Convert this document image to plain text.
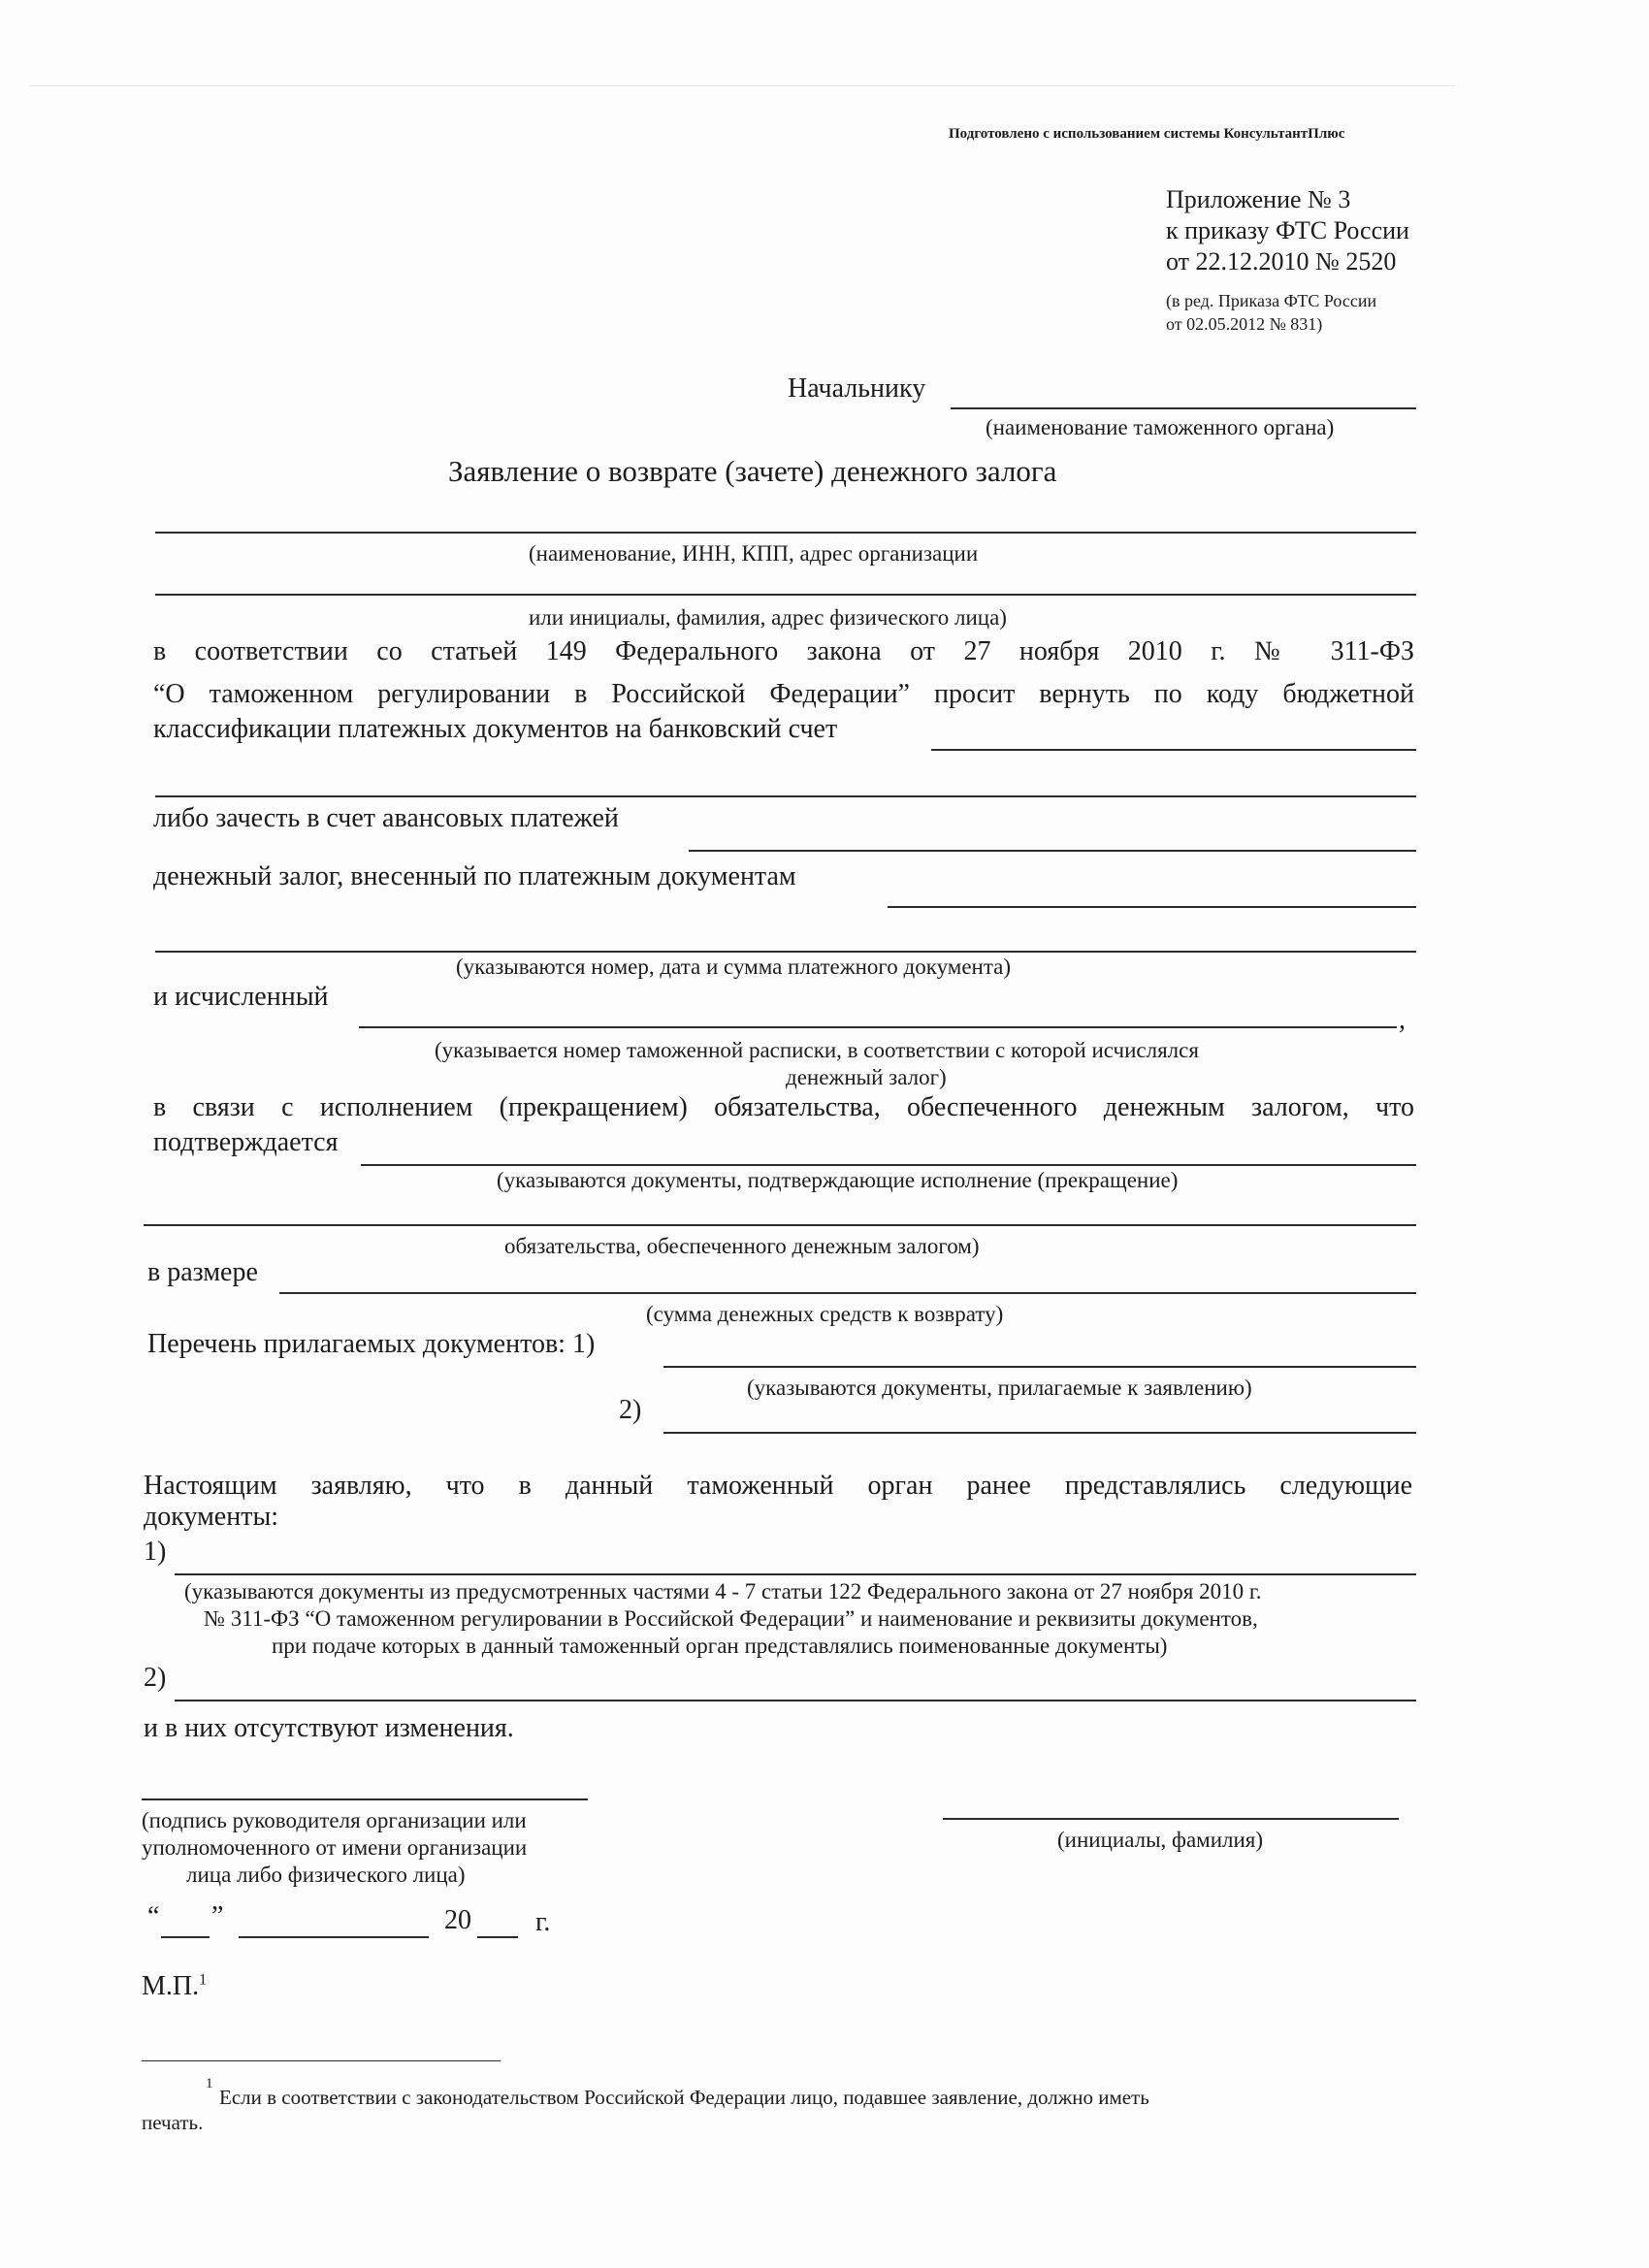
Подготовлено с использованием системы КонсультантПлюс
Приложение № 3
к приказу ФТС России
от 22.12.2010 № 2520
(в ред. Приказа ФТС России
от 02.05.2012 № 831)
Начальнику
(наименование таможенного органа)
Заявление о возврате (зачете) денежного залога
(наименование, ИНН, КПП, адрес организации
или инициалы, фамилия, адрес физического лица)
в соответствии со статьей 149 Федерального закона от 27 ноября 2010 г. № 311-ФЗ
“О таможенном регулировании в Российской Федерации” просит вернуть по коду бюджетной
классификации платежных документов на банковский счет
либо зачесть в счет авансовых платежей
денежный залог, внесенный по платежным документам
(указываются номер, дата и сумма платежного документа)
и исчисленный
,
(указывается номер таможенной расписки, в соответствии с которой исчислялся
денежный залог)
в связи с исполнением (прекращением) обязательства, обеспеченного денежным залогом, что
подтверждается
(указываются документы, подтверждающие исполнение (прекращение)
обязательства, обеспеченного денежным залогом)
в размере
(сумма денежных средств к возврату)
Перечень прилагаемых документов: 1)
(указываются документы, прилагаемые к заявлению)
2)
Настоящим заявляю, что в данный таможенный орган ранее представлялись следующие
документы:
1)
(указываются документы из предусмотренных частями 4 - 7 статьи 122 Федерального закона от 27 ноября 2010 г.
№ 311-ФЗ “О таможенном регулировании в Российской Федерации” и наименование и реквизиты документов,
при подаче которых в данный таможенный орган представлялись поименованные документы)
2)
и в них отсутствуют изменения.
(подпись руководителя организации или
уполномоченного от имени организации
лица либо физического лица)
(инициалы, фамилия)
“ ”	20 г.
М.П.$^1$
1
Если в соответствии с законодательством Российской Федерации лицо, подавшее заявление, должно иметь
печать.
